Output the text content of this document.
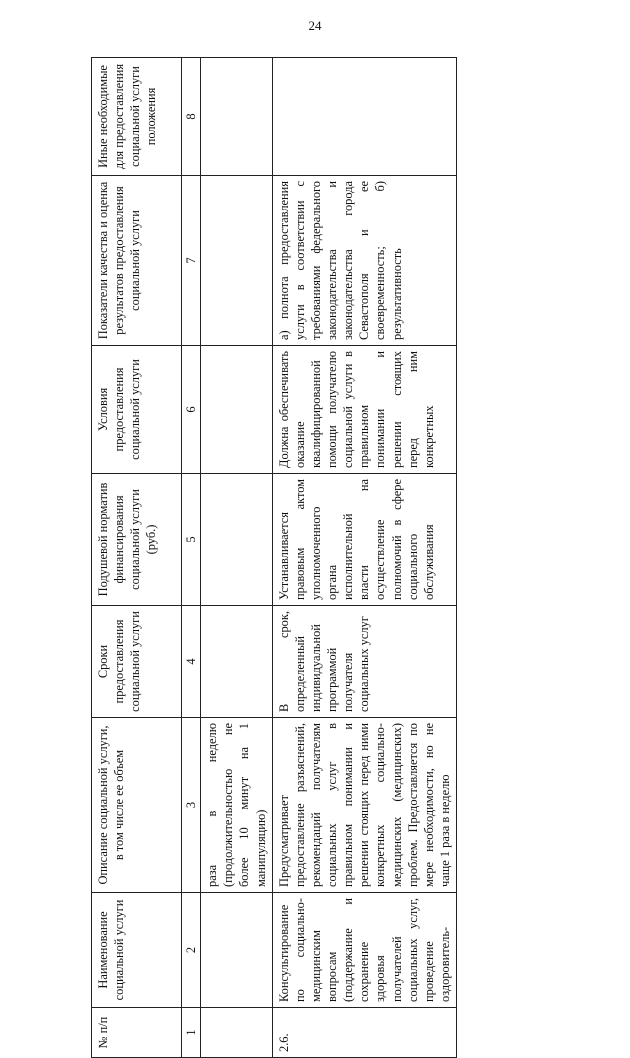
24
№ п/п	Наименование социальной услуги	Описание социальной услуги, в том числе ее объем	Сроки предоставления социальной услуги	Подушевой норматив финансирования социальной услуги (руб.)	Условия предоставления социальной услуги	Показатели качества и оценка результатов предоставления социальной услуги	Иные необходимые для предоставления социальной услуги положения
1	2	3	4	5	6	7	8
		раза в неделю (продолжительностью не более 10 минут на 1 манипуляцию)					
2.6.	Консультирование по социально-медицинским вопросам (поддержание и сохранение здоровья получателей социальных услуг, проведение оздоровитель-	Предусматривает предоставление разъяснений, рекомендаций получателям социальных услуг в правильном понимании и решении стоящих перед ними конкретных социально-медицинских (медицинских) проблем. Предоставляется по мере необходимости, но не чаще 1 раза в неделю	В срок, определенный индивидуальной программой получателя социальных услуг	Устанавливается правовым актом уполномоченного органа исполнительной власти на осуществление полномочий в сфере социального обслуживания	Должна обеспечивать оказание квалифицированной помощи получателю социальной услуги в правильном понимании и решении стоящих перед ним конкретных	а) полнота предоставления услуги в соответствии с требованиями федерального законодательства и законодательства города Севастополя и ее своевременность; б) результативность	
